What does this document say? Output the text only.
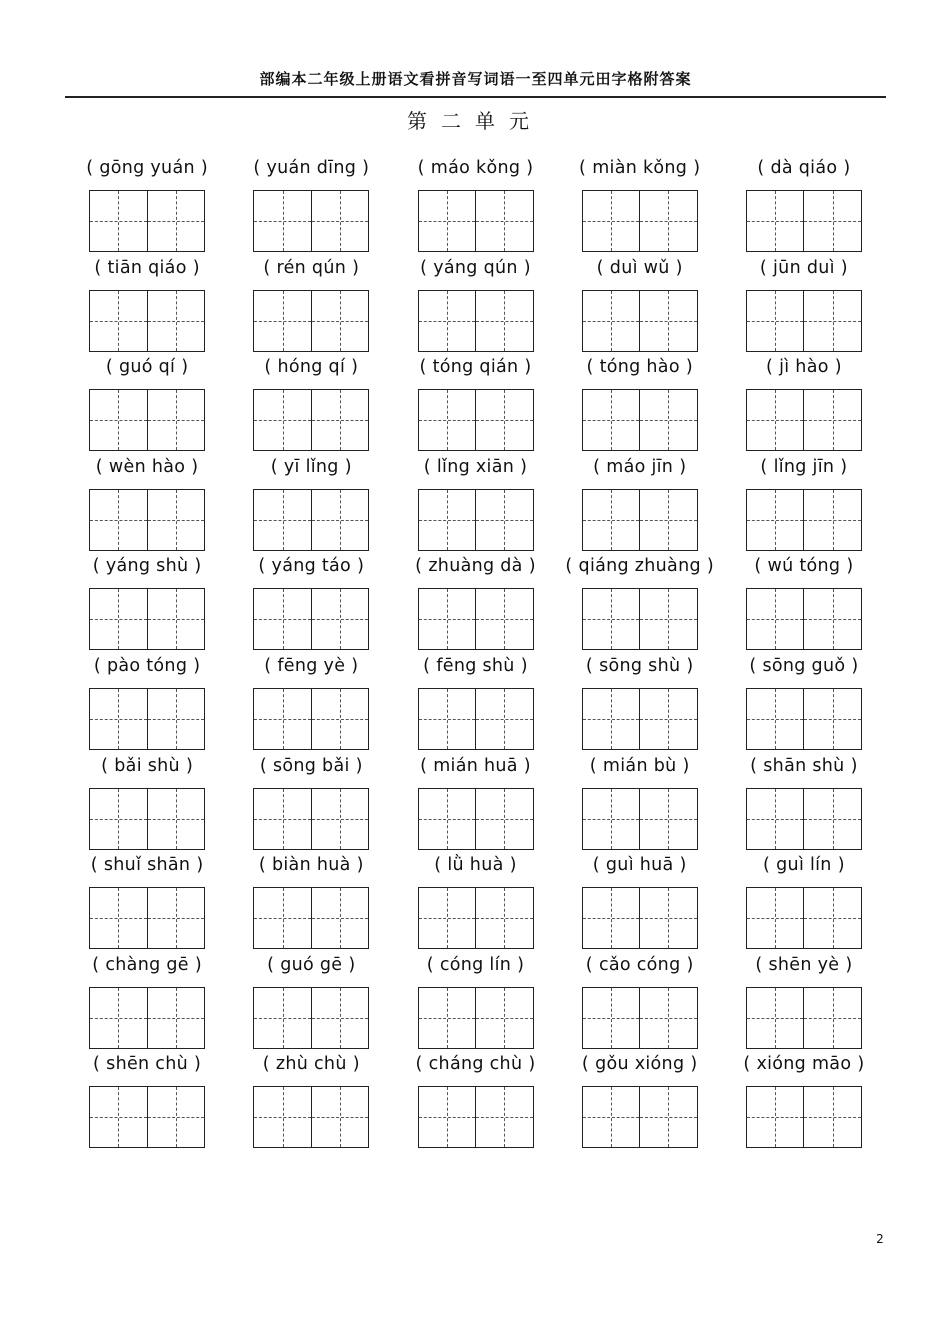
部编本二年级上册语文看拼音写词语一至四单元田字格附答案
第二单元
( gōng yuán )	( yuán dīng )	( máo kǒng )	( miàn kǒng )	( dà qiáo )
( tiān qiáo )	( rén qún )	( yáng qún )	( duì wǔ )	( jūn duì )
( guó qí )	( hóng qí )	( tóng qián )	( tóng hào )	( jì hào )
( wèn hào )	( yī lǐng )	( lǐng xiān )	( máo jīn )	( lǐng jīn )
( yáng shù )	( yáng táo )	( zhuàng dà )	( qiáng zhuàng )	( wú tóng )
( pào tóng )	( fēng yè )	( fēng shù )	( sōng shù )	( sōng guǒ )
( bǎi shù )	( sōng bǎi )	( mián huā )	( mián bù )	( shān shù )
( shuǐ shān )	( biàn huà )	( lǜ huà )	( guì huā )	( guì lín )
( chàng gē )	( guó gē )	( cóng lín )	( cǎo cóng )	( shēn yè )
( shēn chù )	( zhù chù )	( cháng chù )	( gǒu xióng )	( xióng māo )
2
